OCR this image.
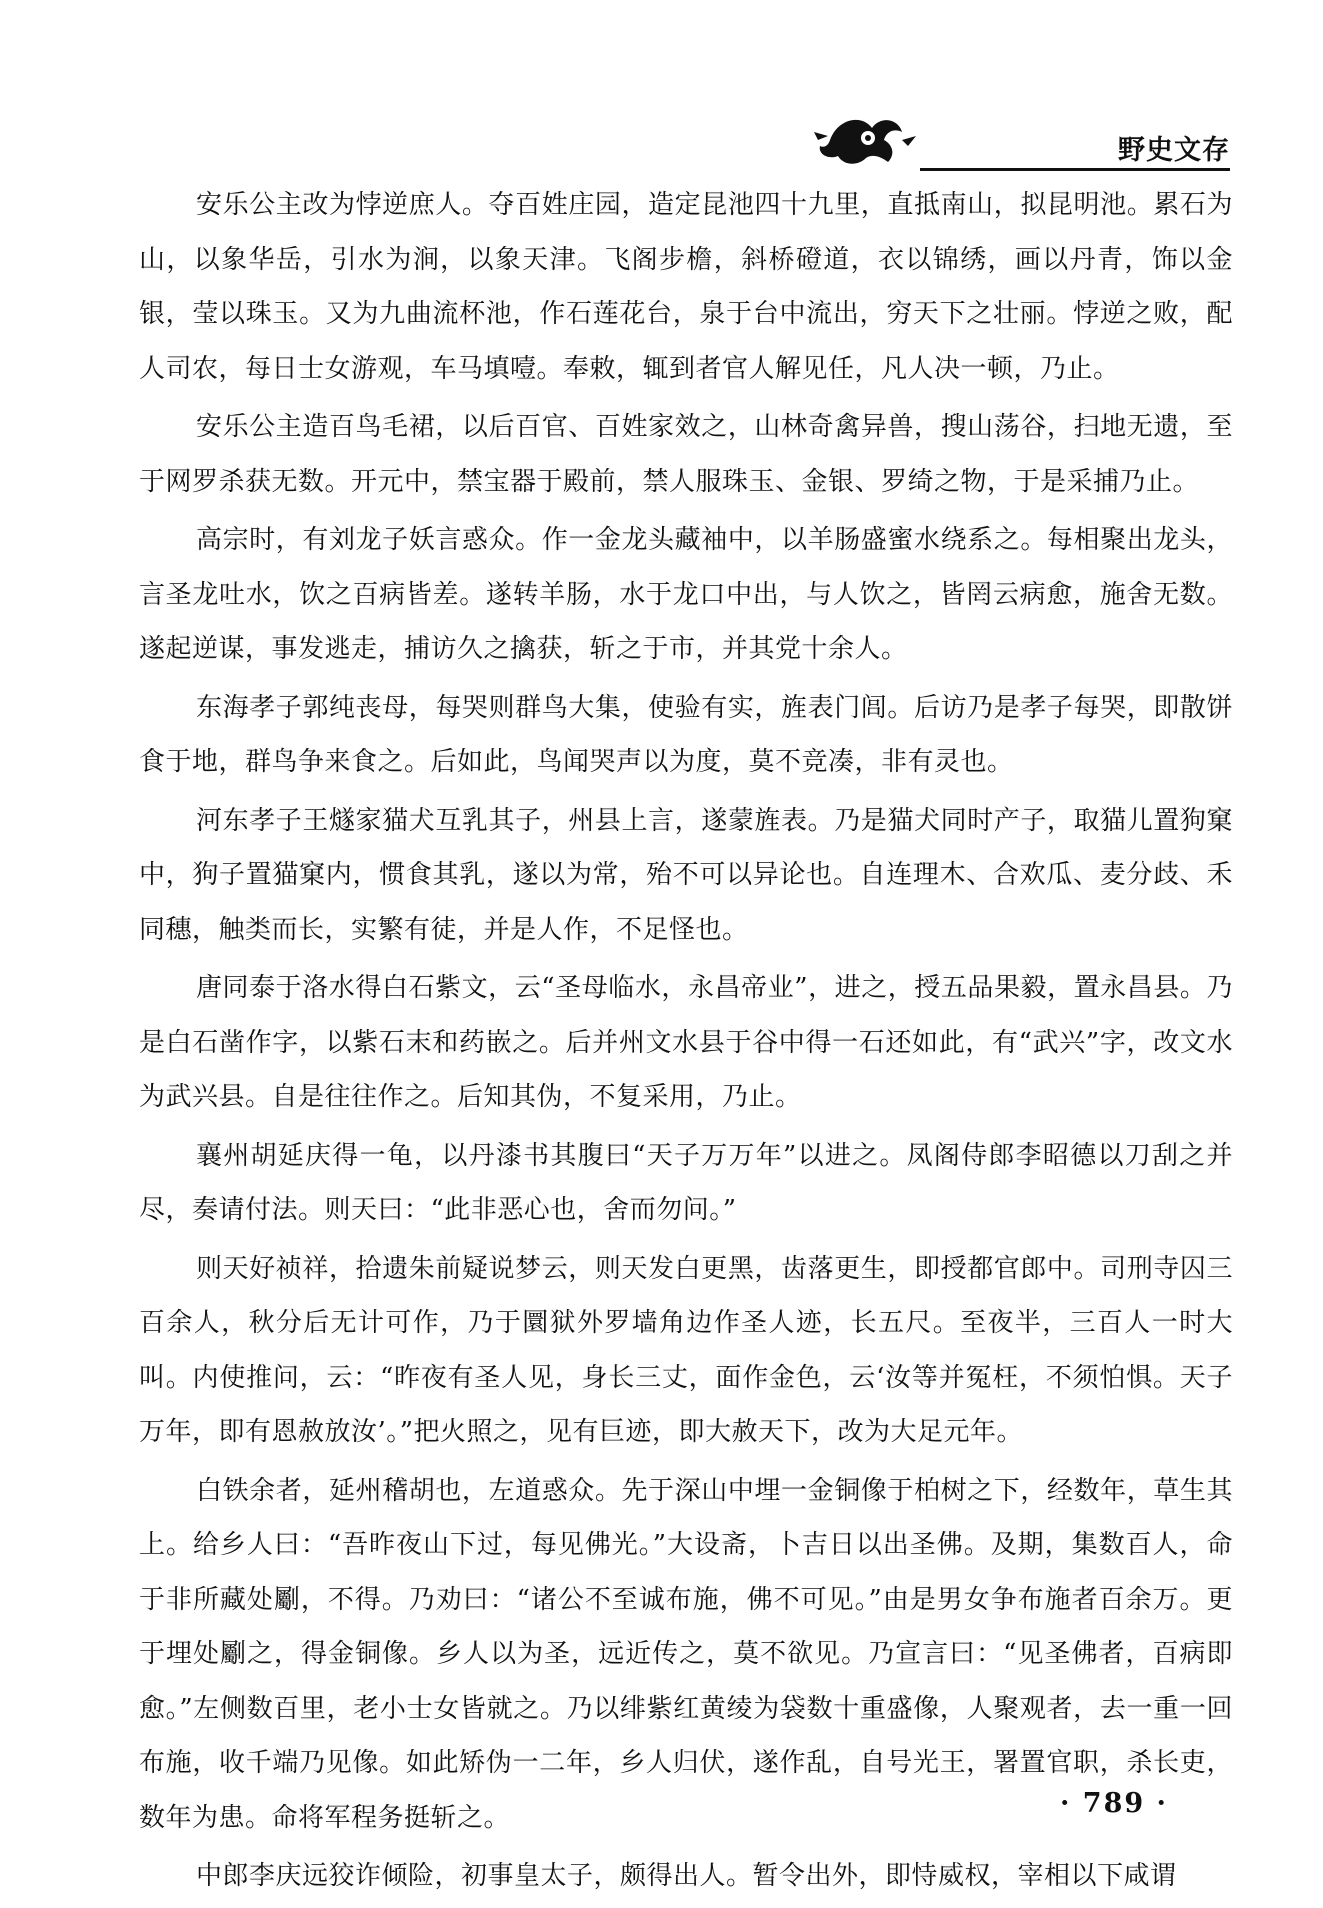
野史文存

安乐公主改为悖逆庶人。夺百姓庄园，造定昆池四十九里，直抵南山，拟昆明池。累石为山，以象华岳，引水为涧，以象天津。飞阁步檐，斜桥磴道，衣以锦绣，画以丹青，饰以金银，莹以珠玉。又为九曲流杯池，作石莲花台，泉于台中流出，穷天下之壮丽。悖逆之败，配人司农，每日士女游观，车马填噎。奉敕，辄到者官人解见任，凡人决一顿，乃止。

安乐公主造百鸟毛裙，以后百官、百姓家效之，山林奇禽异兽，搜山荡谷，扫地无遗，至于网罗杀获无数。开元中，禁宝器于殿前，禁人服珠玉、金银、罗绮之物，于是采捕乃止。

高宗时，有刘龙子妖言惑众。作一金龙头藏袖中，以羊肠盛蜜水绕系之。每相聚出龙头，言圣龙吐水，饮之百病皆差。遂转羊肠，水于龙口中出，与人饮之，皆罔云病愈，施舍无数。遂起逆谋，事发逃走，捕访久之擒获，斩之于市，并其党十余人。

东海孝子郭纯丧母，每哭则群鸟大集，使验有实，旌表门闾。后访乃是孝子每哭，即散饼食于地，群鸟争来食之。后如此，鸟闻哭声以为度，莫不竞凑，非有灵也。

河东孝子王燧家猫犬互乳其子，州县上言，遂蒙旌表。乃是猫犬同时产子，取猫儿置狗窠中，狗子置猫窠内，惯食其乳，遂以为常，殆不可以异论也。自连理木、合欢瓜、麦分歧、禾同穗，触类而长，实繁有徒，并是人作，不足怪也。

唐同泰于洛水得白石紫文，云“圣母临水，永昌帝业”，进之，授五品果毅，置永昌县。乃是白石凿作字，以紫石末和药嵌之。后并州文水县于谷中得一石还如此，有“武兴”字，改文水为武兴县。自是往往作之。后知其伪，不复采用，乃止。

襄州胡延庆得一龟，以丹漆书其腹曰“天子万万年”以进之。凤阁侍郎李昭德以刀刮之并尽，奏请付法。则天曰：“此非恶心也，舍而勿问。”

则天好祯祥，拾遗朱前疑说梦云，则天发白更黑，齿落更生，即授都官郎中。司刑寺囚三百余人，秋分后无计可作，乃于圜狱外罗墙角边作圣人迹，长五尺。至夜半，三百人一时大叫。内使推问，云：“昨夜有圣人见，身长三丈，面作金色，云‘汝等并冤枉，不须怕惧。天子万年，即有恩赦放汝’。”把火照之，见有巨迹，即大赦天下，改为大足元年。

白铁余者，延州稽胡也，左道惑众。先于深山中埋一金铜像于柏树之下，经数年，草生其上。给乡人曰：“吾昨夜山下过，每见佛光。”大设斋，卜吉日以出圣佛。及期，集数百人，命于非所藏处劚，不得。乃劝曰：“诸公不至诚布施，佛不可见。”由是男女争布施者百余万。更于埋处劚之，得金铜像。乡人以为圣，远近传之，莫不欲见。乃宣言曰：“见圣佛者，百病即愈。”左侧数百里，老小士女皆就之。乃以绯紫红黄绫为袋数十重盛像，人聚观者，去一重一回布施，收千端乃见像。如此矫伪一二年，乡人归伏，遂作乱，自号光王，署置官职，杀长吏，数年为患。命将军程务挺斩之。

中郎李庆远狡诈倾险，初事皇太子，颇得出人。暂令出外，即恃威权，宰相以下咸谓

· 789 ·
